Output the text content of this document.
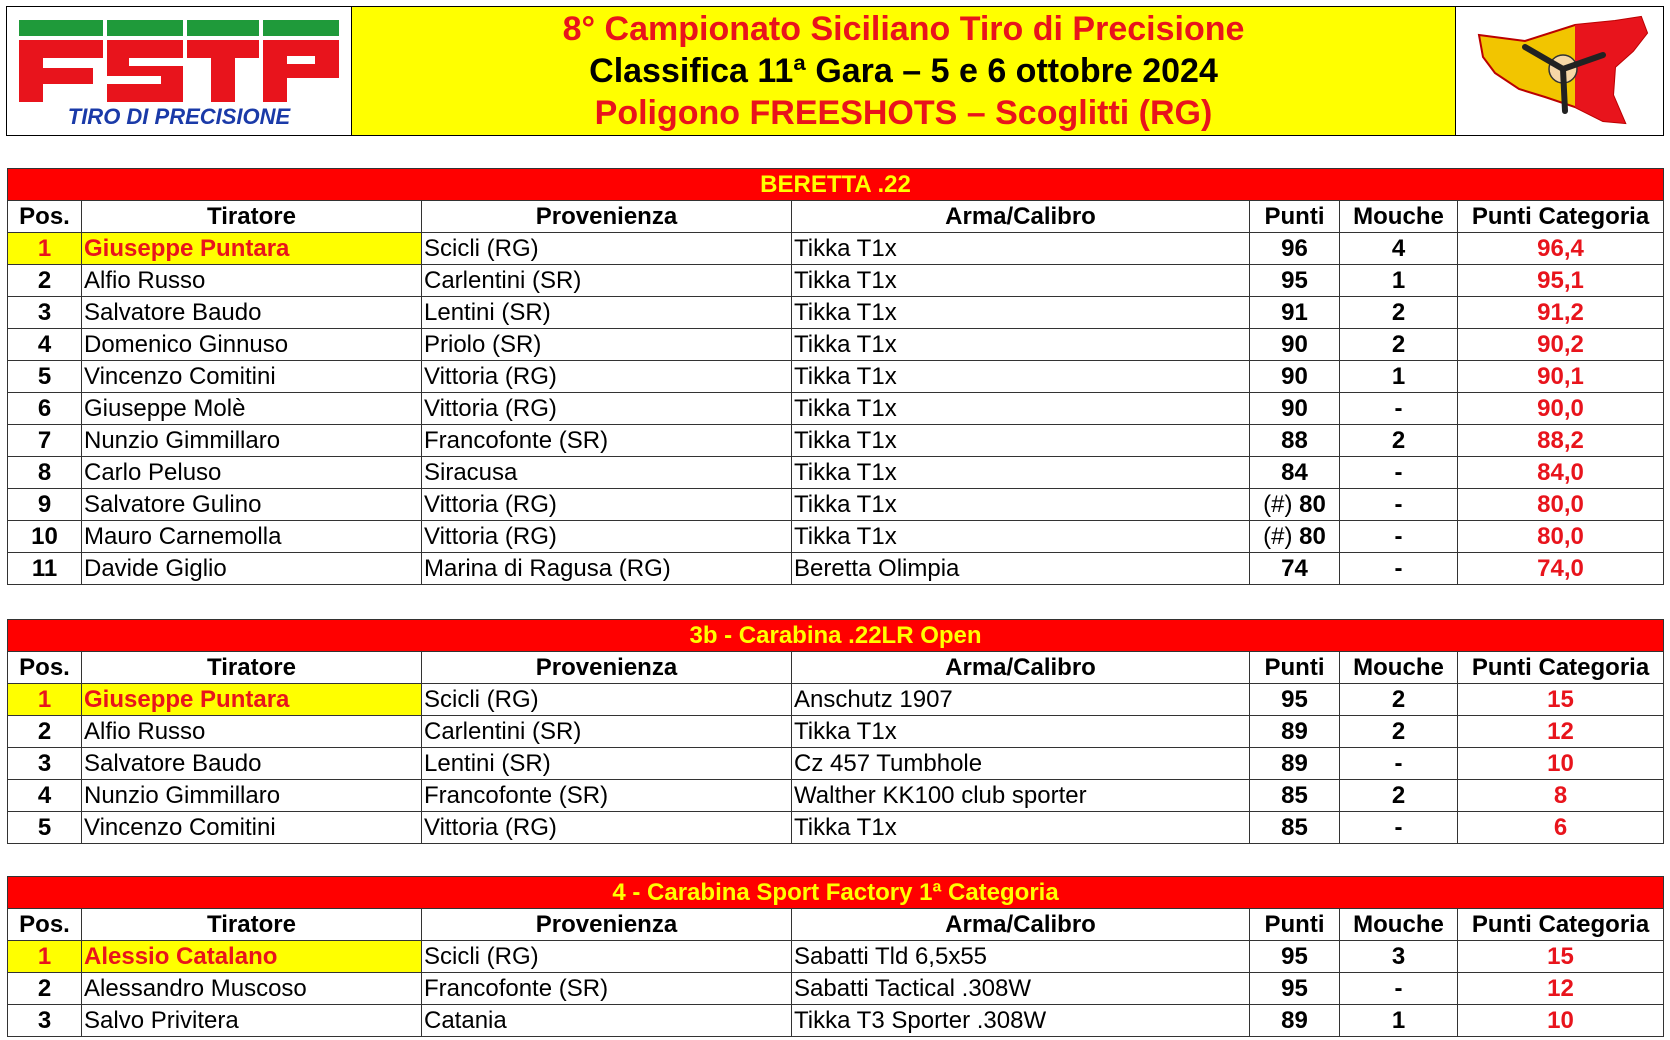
TIRO DI PRECISIONE
8° Campionato Siciliano Tiro di Precisione
Classifica 11ª Gara – 5 e 6 ottobre 2024
Poligono FREESHOTS – Scoglitti (RG)
BERETTA .22						
Pos.	Tiratore	Provenienza	Arma/Calibro	Punti	Mouche	Punti Categoria
1	Giuseppe Puntara	Scicli (RG)	Tikka T1x	96	4	96,4
2	Alfio Russo	Carlentini (SR)	Tikka T1x	95	1	95,1
3	Salvatore Baudo	Lentini (SR)	Tikka T1x	91	2	91,2
4	Domenico Ginnuso	Priolo (SR)	Tikka T1x	90	2	90,2
5	Vincenzo Comitini	Vittoria (RG)	Tikka T1x	90	1	90,1
6	Giuseppe Molè	Vittoria (RG)	Tikka T1x	90	-	90,0
7	Nunzio Gimmillaro	Francofonte (SR)	Tikka T1x	88	2	88,2
8	Carlo Peluso	Siracusa	Tikka T1x	84	-	84,0
9	Salvatore Gulino	Vittoria (RG)	Tikka T1x	(#) 80	-	80,0
10	Mauro Carnemolla	Vittoria (RG)	Tikka T1x	(#) 80	-	80,0
11	Davide Giglio	Marina di Ragusa (RG)	Beretta Olimpia	74	-	74,0
3b - Carabina .22LR Open						
Pos.	Tiratore	Provenienza	Arma/Calibro	Punti	Mouche	Punti Categoria
1	Giuseppe Puntara	Scicli (RG)	Anschutz 1907	95	2	15
2	Alfio Russo	Carlentini (SR)	Tikka T1x	89	2	12
3	Salvatore Baudo	Lentini (SR)	Cz 457 Tumbhole	89	-	10
4	Nunzio Gimmillaro	Francofonte (SR)	Walther KK100 club sporter	85	2	8
5	Vincenzo Comitini	Vittoria (RG)	Tikka T1x	85	-	6
4 - Carabina Sport Factory 1ª Categoria						
Pos.	Tiratore	Provenienza	Arma/Calibro	Punti	Mouche	Punti Categoria
1	Alessio Catalano	Scicli (RG)	Sabatti Tld 6,5x55	95	3	15
2	Alessandro Muscoso	Francofonte (SR)	Sabatti Tactical .308W	95	-	12
3	Salvo Privitera	Catania	Tikka T3 Sporter .308W	89	1	10
